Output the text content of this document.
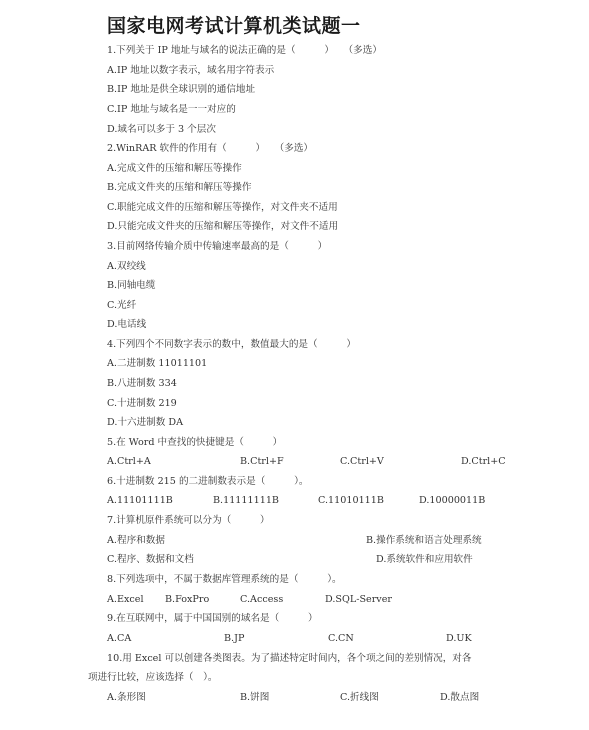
国家电网考试计算机类试题一
1.下列关于 IP 地址与域名的说法正确的是（　　　）　　（多选）
A.IP 地址以数字表示，域名用字符表示
B.IP 地址是供全球识别的通信地址
C.IP 地址与域名是一一对应的
D.域名可以多于 3 个层次
2.WinRAR 软件的作用有（　　　）　　（多选）
A.完成文件的压缩和解压等操作
B.完成文件夹的压缩和解压等操作
C.职能完成文件的压缩和解压等操作，对文件夹不适用
D.只能完成文件夹的压缩和解压等操作，对文件不适用
3.目前网络传输介质中传输速率最高的是（　　　）
A.双绞线
B.同轴电缆
C.光纤
D.电话线
4.下列四个不同数字表示的数中，数值最大的是（　　　）
A.二进制数 11011101
B.八进制数 334
C.十进制数 219
D.十六进制数 DA
5.在 Word 中查找的快捷键是（　　　）
A.Ctrl+A	B.Ctrl+F	C.Ctrl+V	D.Ctrl+C
6.十进制数 215 的二进制数表示是（　　　）。
A.11101111B	B.11111111B	C.11010111B	D.10000011B
7.计算机原件系统可以分为（　　　）
A.程序和数据	B.操作系统和语言处理系统
C.程序、数据和文档	D.系统软件和应用软件
8.下列选项中，不属于数据库管理系统的是（　　　）。
A.Excel B.FoxPro	C.Access	D.SQL-Server
9.在互联网中，属于中国国别的域名是（　　　）
A.CA	B.JP	C.CN	D.UK
10.用 Excel 可以创建各类图表。为了描述特定时间内，各个项之间的差别情况，对各
项进行比较，应该选择（　）。
A.条形图	B.饼图	C.折线图	D.散点图
